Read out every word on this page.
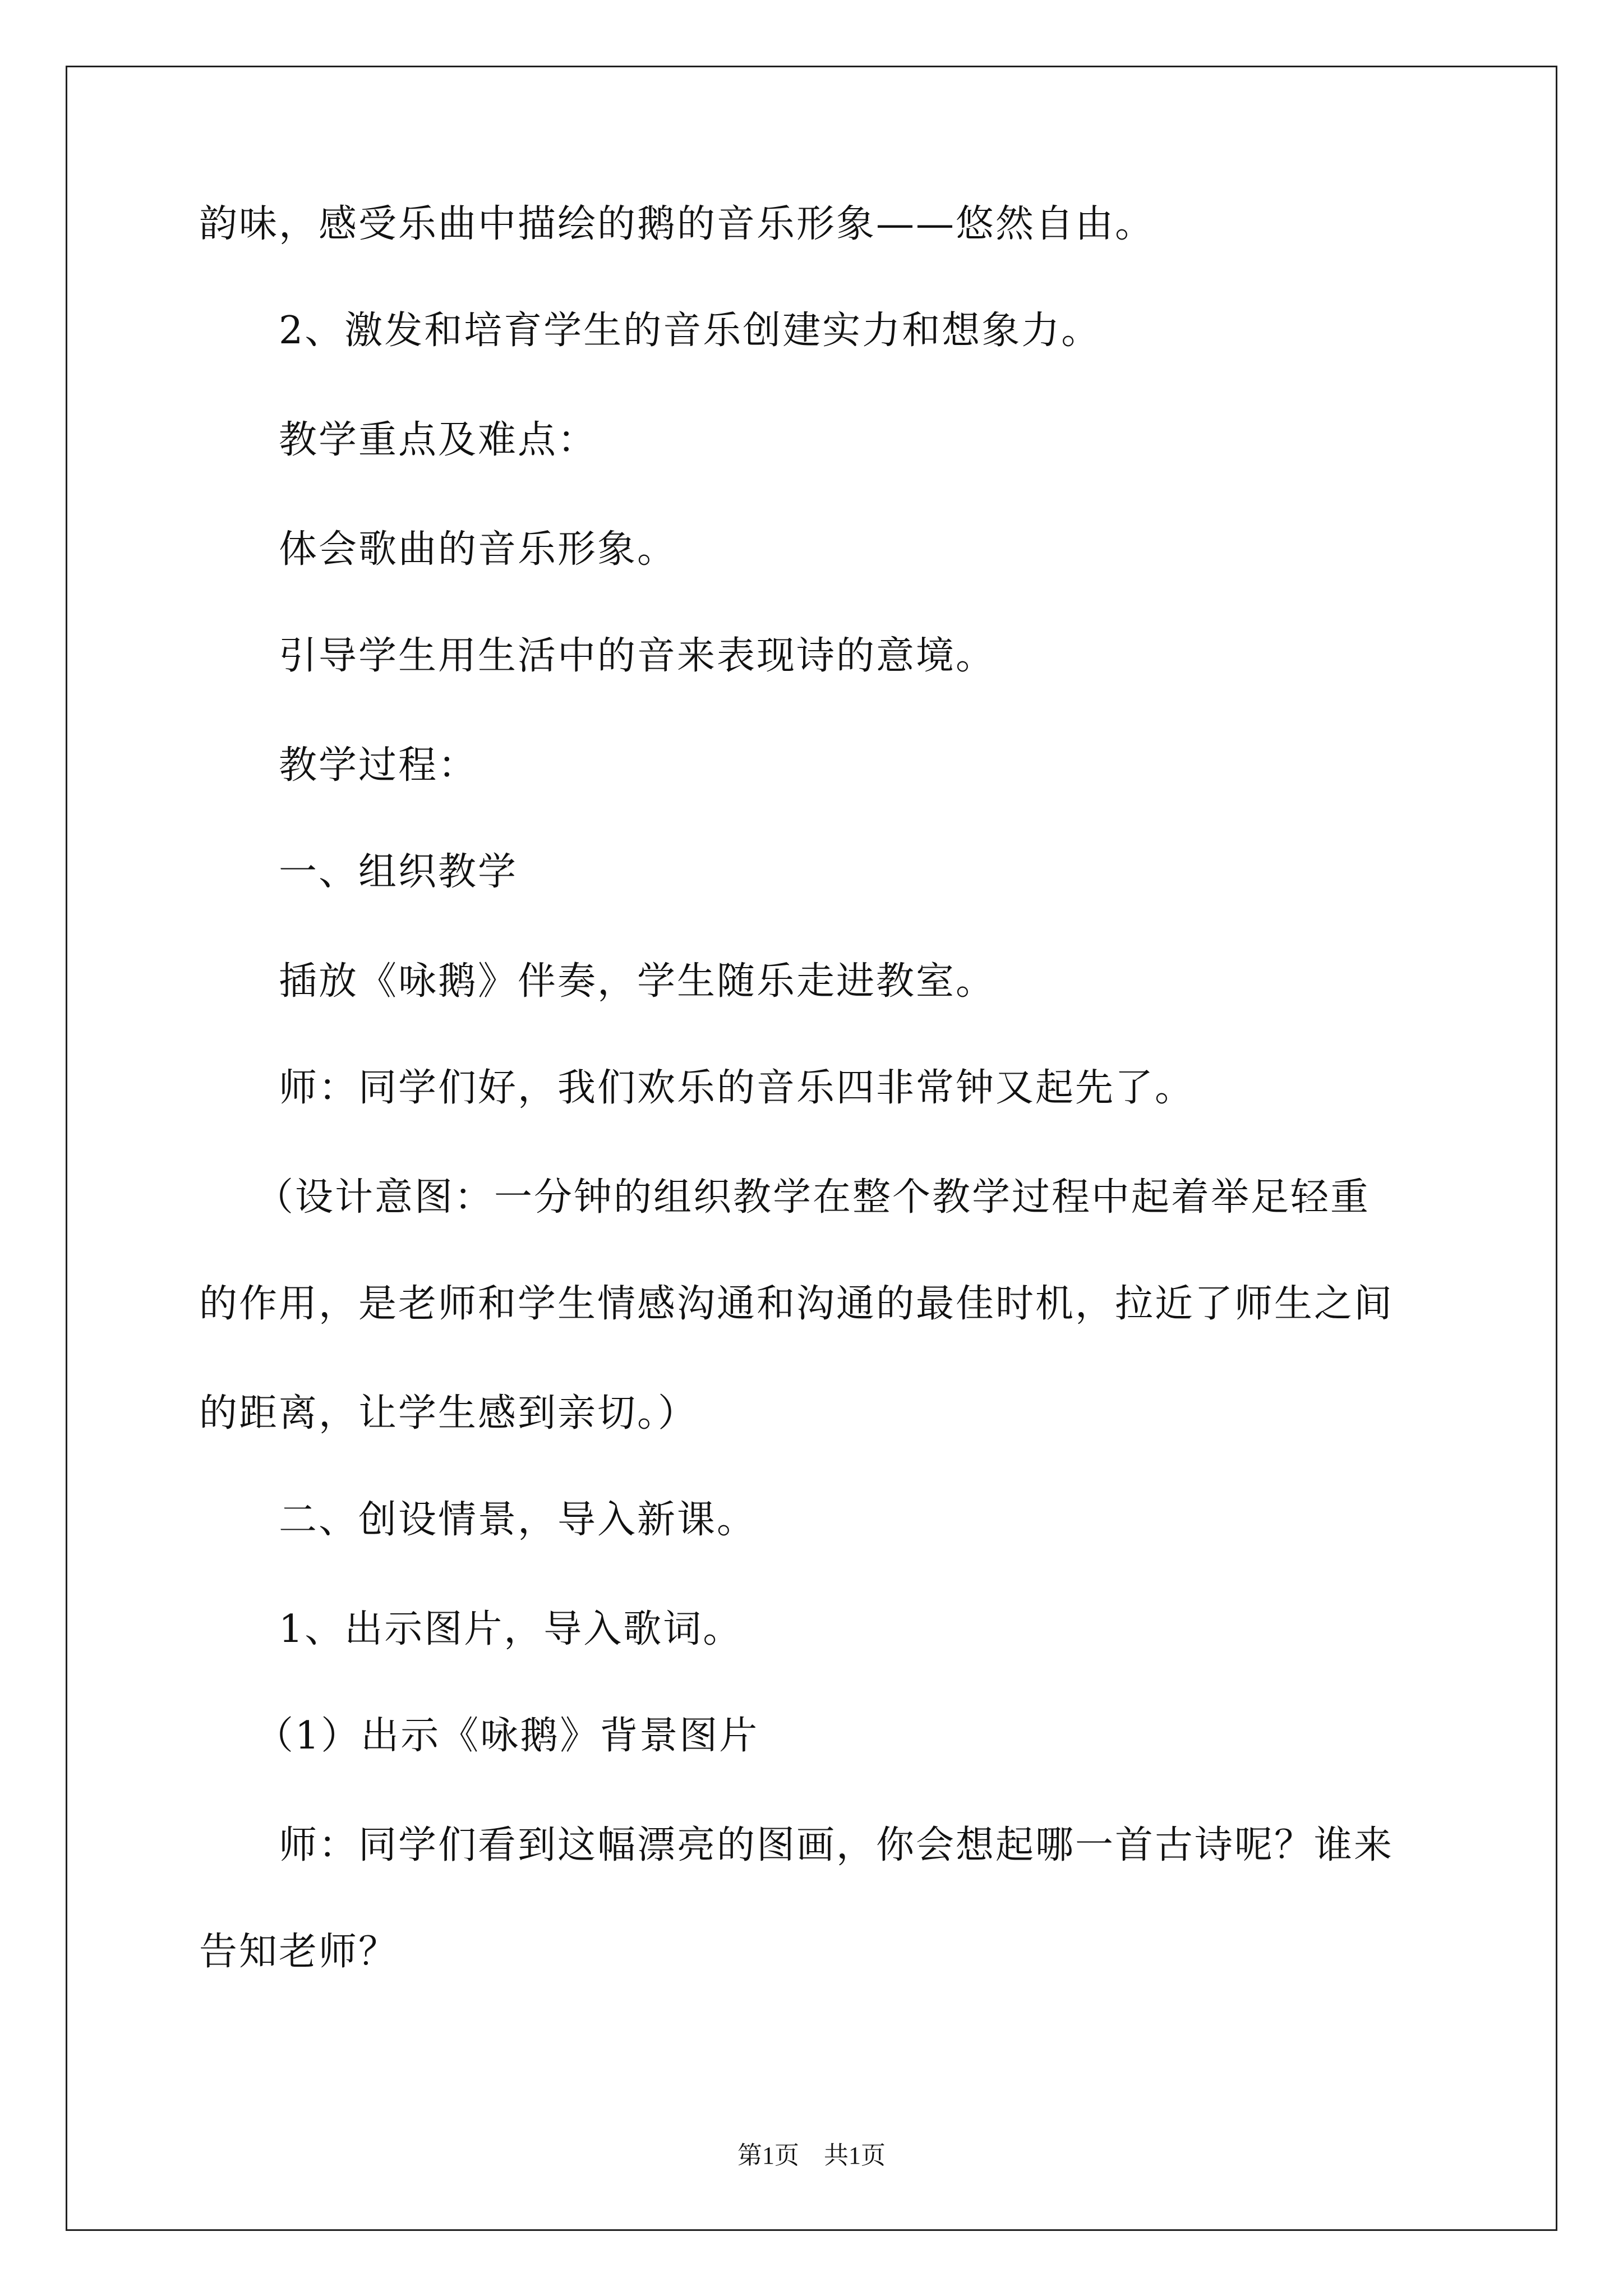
韵味，感受乐曲中描绘的鹅的音乐形象——悠然自由。
2、激发和培育学生的音乐创建实力和想象力。
教学重点及难点：
体会歌曲的音乐形象。
引导学生用生活中的音来表现诗的意境。
教学过程：
一、组织教学
插放《咏鹅》伴奏，学生随乐走进教室。
师：同学们好，我们欢乐的音乐四非常钟又起先了。
（设计意图：一分钟的组织教学在整个教学过程中起着举足轻重
的作用，是老师和学生情感沟通和沟通的最佳时机，拉近了师生之间
的距离，让学生感到亲切。）
二、创设情景，导入新课。
1、出示图片，导入歌词。
（1）出示《咏鹅》背景图片
师：同学们看到这幅漂亮的图画，你会想起哪一首古诗呢？谁来
告知老师？
第1页　共1页
